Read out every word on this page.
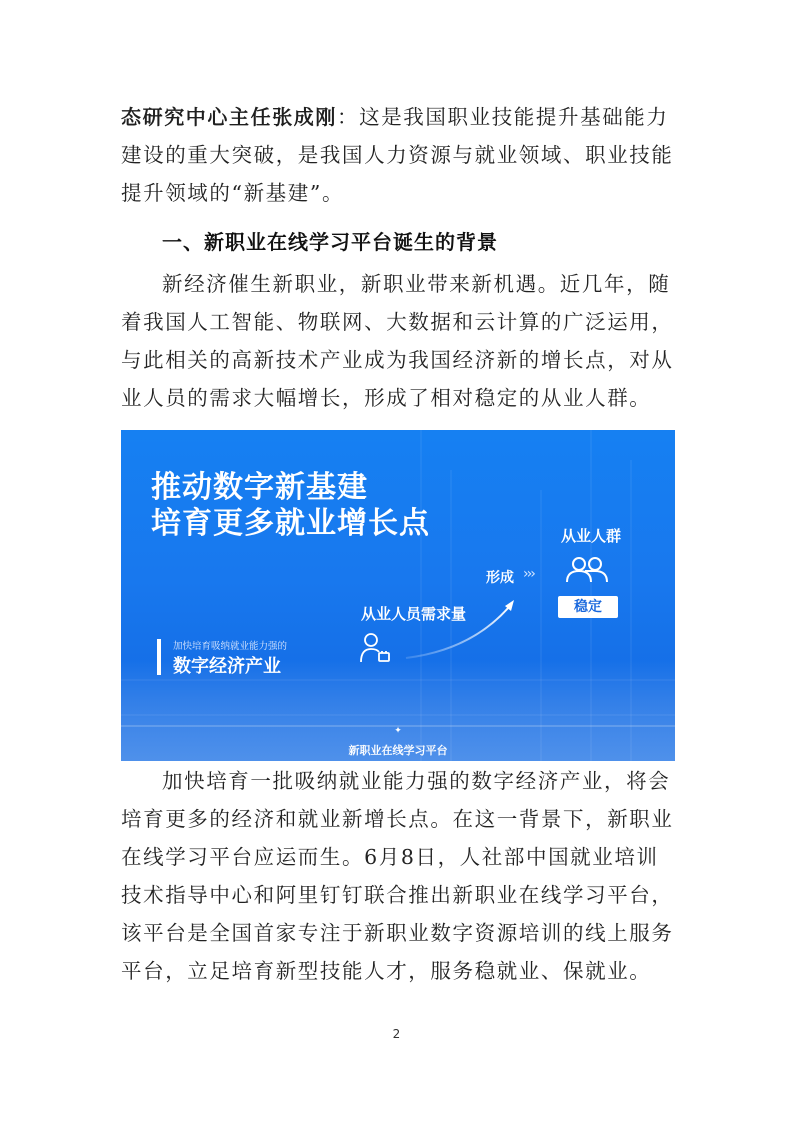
态研究中心主任张成刚：这是我国职业技能提升基础能力建设的重大突破，是我国人力资源与就业领域、职业技能提升领域的“新基建”。

一、新职业在线学习平台诞生的背景

新经济催生新职业，新职业带来新机遇。近几年，随着我国人工智能、物联网、大数据和云计算的广泛运用，与此相关的高新技术产业成为我国经济新的增长点，对从业人员的需求大幅增长，形成了相对稳定的从业人群。

✦
推动数字新基建
培育更多就业增长点
加快培育吸纳就业能力强的
数字经济产业
从业人员需求量
形成 ›››
从业人群
稳定
新职业在线学习平台

加快培育一批吸纳就业能力强的数字经济产业，将会培育更多的经济和就业新增长点。在这一背景下，新职业在线学习平台应运而生。6月8日，人社部中国就业培训技术指导中心和阿里钉钉联合推出新职业在线学习平台，该平台是全国首家专注于新职业数字资源培训的线上服务平台，立足培育新型技能人才，服务稳就业、保就业。

2
